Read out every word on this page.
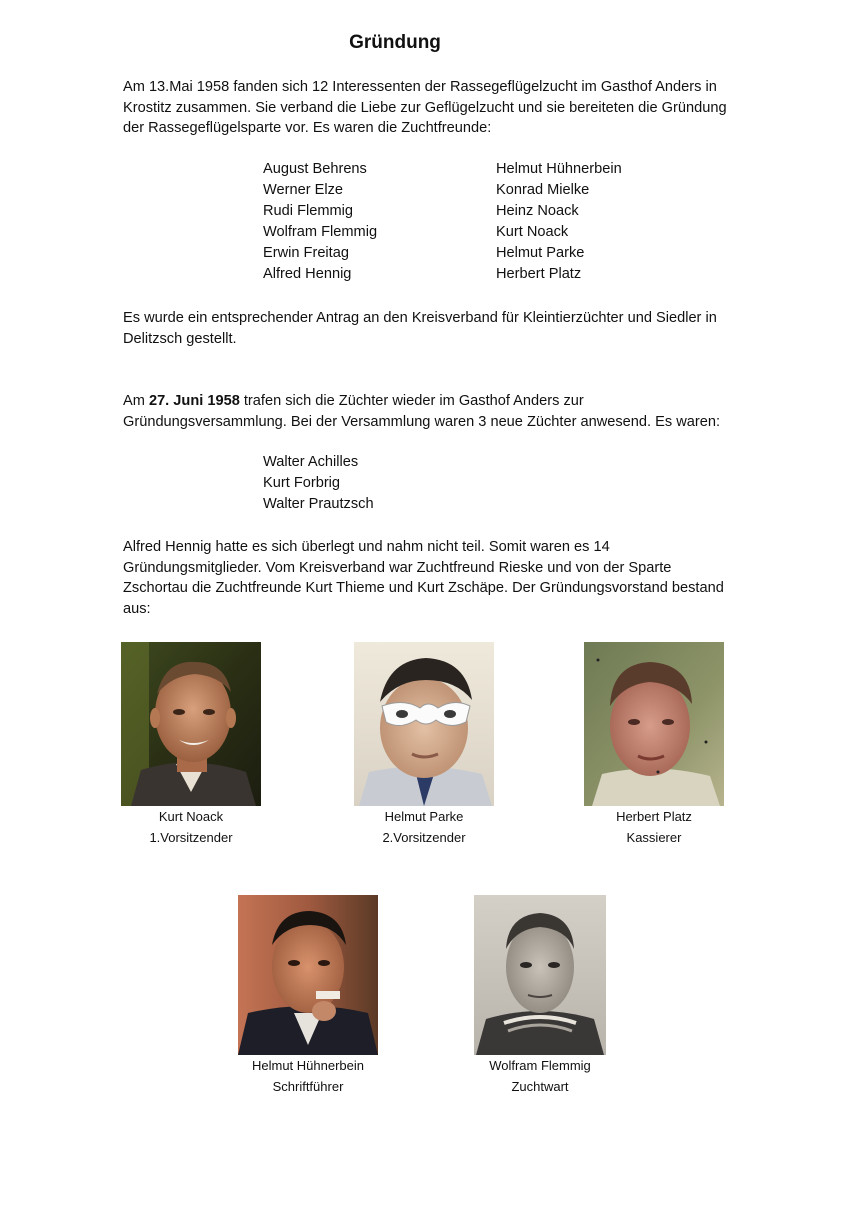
Gründung

Am 13.Mai 1958 fanden sich 12 Interessenten der Rassegeflügelzucht im Gasthof Anders in Krostitz zusammen. Sie verband die Liebe zur Geflügelzucht und sie bereiteten die Gründung der Rassegeflügelsparte vor. Es waren die Zuchtfreunde:

August Behrens
Werner Elze
Rudi Flemmig
Wolfram Flemmig
Erwin Freitag
Alfred Hennig
Helmut Hühnerbein
Konrad Mielke
Heinz Noack
Kurt Noack
Helmut Parke
Herbert Platz

Es wurde ein entsprechender Antrag an den Kreisverband für Kleintierzüchter und Siedler in Delitzsch gestellt.

Am 27. Juni 1958 trafen sich die Züchter wieder im Gasthof Anders zur Gründungsversammlung. Bei der Versammlung waren 3 neue Züchter anwesend. Es waren:

Walter Achilles
Kurt Forbrig
Walter Prautzsch

Alfred Hennig hatte es sich überlegt und nahm nicht teil. Somit waren es 14 Gründungsmitglieder. Vom Kreisverband war Zuchtfreund Rieske und von der Sparte Zschortau die Zuchtfreunde Kurt Thieme und Kurt Zschäpe. Der Gründungsvorstand bestand aus:

Kurt Noack
1.Vorsitzender
Helmut Parke
2.Vorsitzender
Herbert Platz
Kassierer
Helmut Hühnerbein
Schriftführer
Wolfram Flemmig
Zuchtwart
